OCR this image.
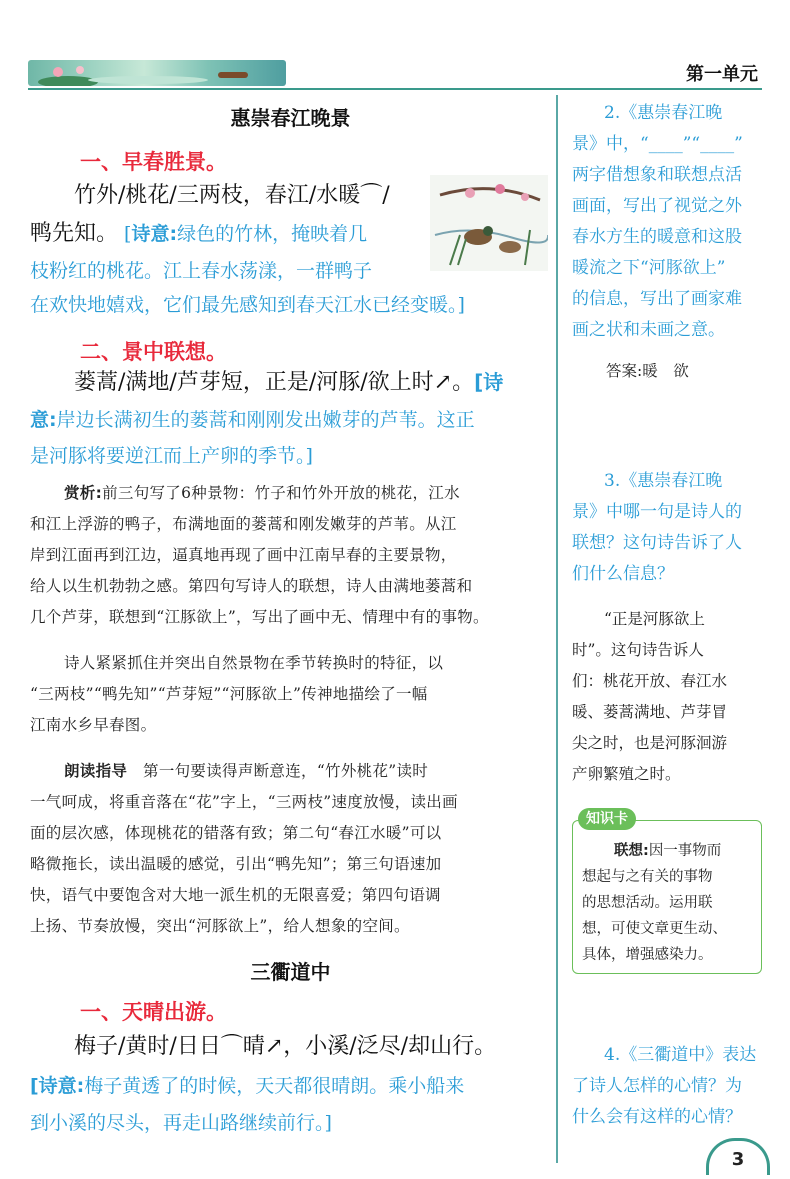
第一单元
惠崇春江晚景
一、早春胜景。
竹外/桃花/三两枝，春江/水暖⌒/
鸭先知。 [诗意:绿色的竹林，掩映着几
枝粉红的桃花。江上春水荡漾，一群鸭子
在欢快地嬉戏，它们最先感知到春天江水已经变暖。]
二、景中联想。
蒌蒿/满地/芦芽短，正是/河豚/欲上时↗。[诗
意:岸边长满初生的蒌蒿和刚刚发出嫩芽的芦苇。这正
是河豚将要逆江而上产卵的季节。]
赏析:前三句写了6种景物：竹子和竹外开放的桃花，江水
和江上浮游的鸭子，布满地面的蒌蒿和刚发嫩芽的芦苇。从江
岸到江面再到江边，逼真地再现了画中江南早春的主要景物，
给人以生机勃勃之感。第四句写诗人的联想，诗人由满地蒌蒿和
几个芦芽，联想到“江豚欲上”，写出了画中无、情理中有的事物。
诗人紧紧抓住并突出自然景物在季节转换时的特征，以
“三两枝”“鸭先知”“芦芽短”“河豚欲上”传神地描绘了一幅
江南水乡早春图。
朗读指导　 第一句要读得声断意连，“竹外桃花”读时
一气呵成，将重音落在“花”字上，“三两枝”速度放慢，读出画
面的层次感，体现桃花的错落有致；第二句“春江水暖”可以
略微拖长，读出温暖的感觉，引出“鸭先知”；第三句语速加
快，语气中要饱含对大地一派生机的无限喜爱；第四句语调
上扬、节奏放慢，突出“河豚欲上”，给人想象的空间。
三衢道中
一、天晴出游。
梅子/黄时/日日⌒晴↗，小溪/泛尽/却山行。
[诗意:梅子黄透了的时候，天天都很晴朗。乘小船来
到小溪的尽头，再走山路继续前行。]
2.《惠崇春江晚
景》中，“____”“____”
两字借想象和联想点活
画面，写出了视觉之外
春水方生的暖意和这股
暖流之下“河豚欲上”
的信息，写出了画家难
画之状和未画之意。
答案:暖　欲
3.《惠崇春江晚
景》中哪一句是诗人的
联想？这句诗告诉了人
们什么信息？
“正是河豚欲上
时”。这句诗告诉人
们：桃花开放、春江水
暖、蒌蒿满地、芦芽冒
尖之时，也是河豚洄游
产卵繁殖之时。
知识卡
联想:因一事物而
想起与之有关的事物
的思想活动。运用联
想，可使文章更生动、
具体，增强感染力。
4.《三衢道中》表达
了诗人怎样的心情？为
什么会有这样的心情？
3
